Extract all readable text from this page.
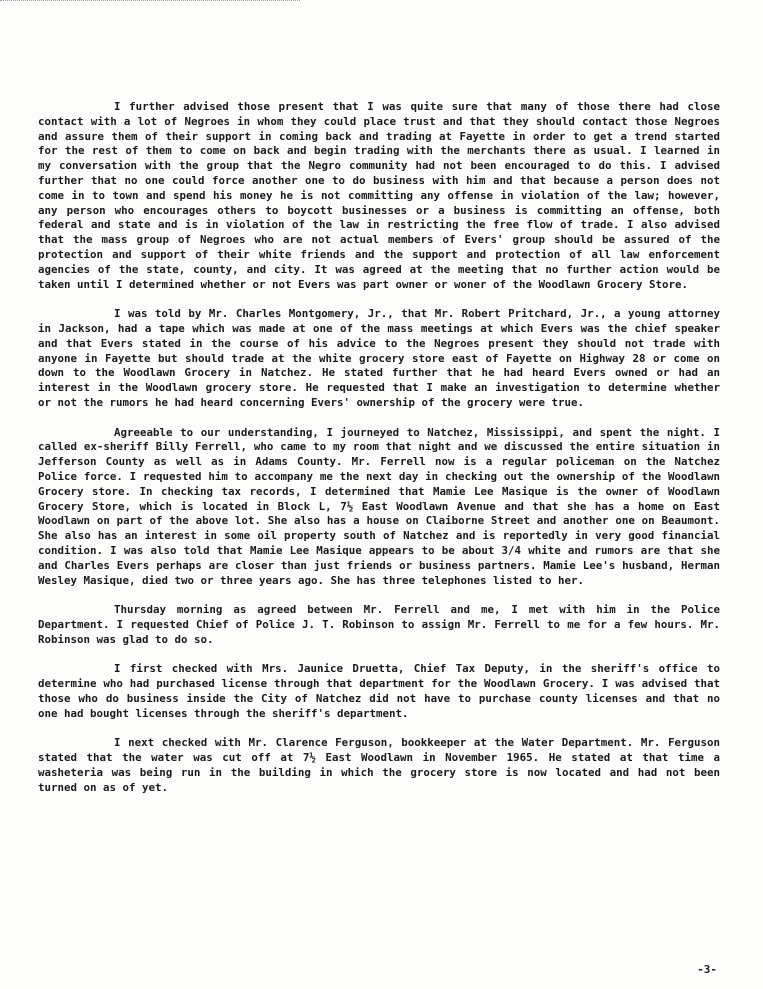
I further advised those present that I was quite sure that many of those there had close contact with a lot of Negroes in whom they could place trust and that they should contact those Negroes and assure them of their support in coming back and trading at Fayette in order to get a trend started for the rest of them to come on back and begin trading with the merchants there as usual. I learned in my conversation with the group that the Negro community had not been encouraged to do this. I advised further that no one could force another one to do business with him and that because a person does not come in to town and spend his money he is not committing any offense in violation of the law; however, any person who encourages others to boycott businesses or a business is committing an offense, both federal and state and is in violation of the law in restricting the free flow of trade. I also advised that the mass group of Negroes who are not actual members of Evers' group should be assured of the protection and support of their white friends and the support and protection of all law enforcement agencies of the state, county, and city. It was agreed at the meeting that no further action would be taken until I determined whether or not Evers was part owner or woner of the Woodlawn Grocery Store.

I was told by Mr. Charles Montgomery, Jr., that Mr. Robert Pritchard, Jr., a young attorney in Jackson, had a tape which was made at one of the mass meetings at which Evers was the chief speaker and that Evers stated in the course of his advice to the Negroes present they should not trade with anyone in Fayette but should trade at the white grocery store east of Fayette on Highway 28 or come on down to the Woodlawn Grocery in Natchez. He stated further that he had heard Evers owned or had an interest in the Woodlawn grocery store. He requested that I make an investigation to determine whether or not the rumors he had heard concerning Evers' ownership of the grocery were true.

Agreeable to our understanding, I journeyed to Natchez, Mississippi, and spent the night. I called ex-sheriff Billy Ferrell, who came to my room that night and we discussed the entire situation in Jefferson County as well as in Adams County. Mr. Ferrell now is a regular policeman on the Natchez Police force. I requested him to accompany me the next day in checking out the ownership of the Woodlawn Grocery store. In checking tax records, I determined that Mamie Lee Masique is the owner of Woodlawn Grocery Store, which is located in Block L, 7½ East Woodlawn Avenue and that she has a home on East Woodlawn on part of the above lot. She also has a house on Claiborne Street and another one on Beaumont. She also has an interest in some oil property south of Natchez and is reportedly in very good financial condition. I was also told that Mamie Lee Masique appears to be about 3/4 white and rumors are that she and Charles Evers perhaps are closer than just friends or business partners. Mamie Lee's husband, Herman Wesley Masique, died two or three years ago. She has three telephones listed to her.

Thursday morning as agreed between Mr. Ferrell and me, I met with him in the Police Department. I requested Chief of Police J. T. Robinson to assign Mr. Ferrell to me for a few hours. Mr. Robinson was glad to do so.

I first checked with Mrs. Jaunice Druetta, Chief Tax Deputy, in the sheriff's office to determine who had purchased license through that department for the Woodlawn Grocery. I was advised that those who do business inside the City of Natchez did not have to purchase county licenses and that no one had bought licenses through the sheriff's department.

I next checked with Mr. Clarence Ferguson, bookkeeper at the Water Department. Mr. Ferguson stated that the water was cut off at 7½ East Woodlawn in November 1965. He stated at that time a washeteria was being run in the building in which the grocery store is now located and had not been turned on as of yet.

-3-
